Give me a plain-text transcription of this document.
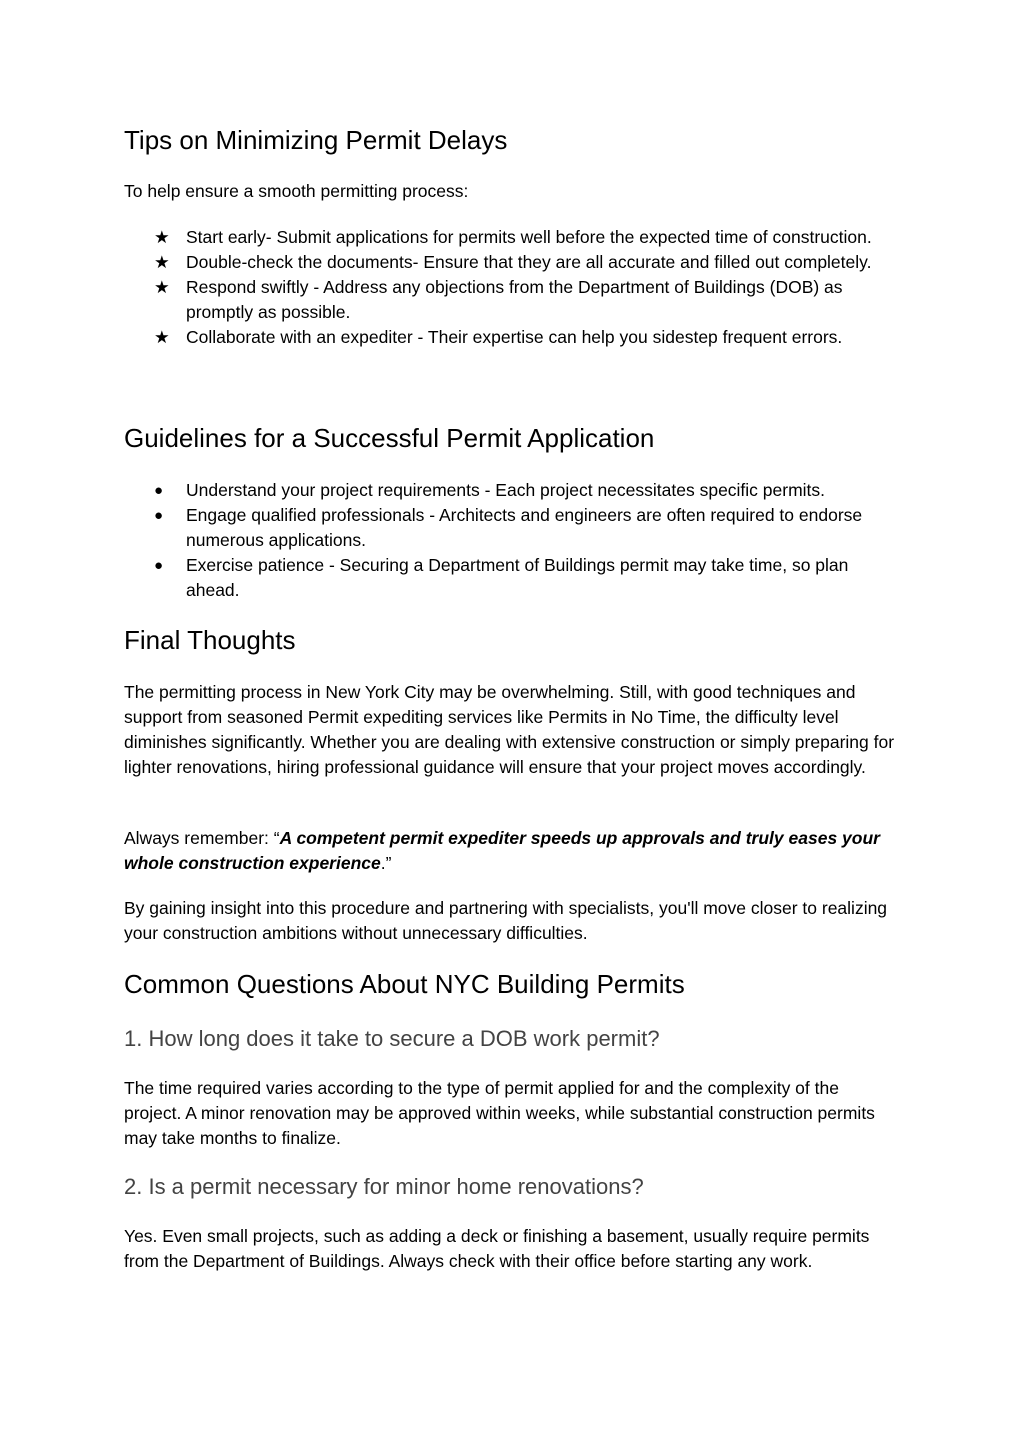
Tips on Minimizing Permit Delays

To help ensure a smooth permitting process:

★ Start early- Submit applications for permits well before the expected time of construction.
★ Double-check the documents- Ensure that they are all accurate and filled out completely.
★ Respond swiftly - Address any objections from the Department of Buildings (DOB) as promptly as possible.
★ Collaborate with an expediter - Their expertise can help you sidestep frequent errors.
Guidelines for a Successful Permit Application
●	Understand your project requirements - Each project necessitates specific permits.
●	Engage qualified professionals - Architects and engineers are often required to endorse numerous applications.
●	Exercise patience - Securing a Department of Buildings permit may take time, so plan ahead.
Final Thoughts

The permitting process in New York City may be overwhelming. Still, with good techniques and support from seasoned Permit expediting services like Permits in No Time, the difficulty level diminishes significantly. Whether you are dealing with extensive construction or simply preparing for lighter renovations, hiring professional guidance will ensure that your project moves accordingly.

Always remember: “A competent permit expediter speeds up approvals and truly eases your whole construction experience.”

By gaining insight into this procedure and partnering with specialists, you'll move closer to realizing your construction ambitions without unnecessary difficulties.

Common Questions About NYC Building Permits
1. How long does it take to secure a DOB work permit?

The time required varies according to the type of permit applied for and the complexity of the project. A minor renovation may be approved within weeks, while substantial construction permits may take months to finalize.

2. Is a permit necessary for minor home renovations?

Yes. Even small projects, such as adding a deck or finishing a basement, usually require permits from the Department of Buildings. Always check with their office before starting any work.
